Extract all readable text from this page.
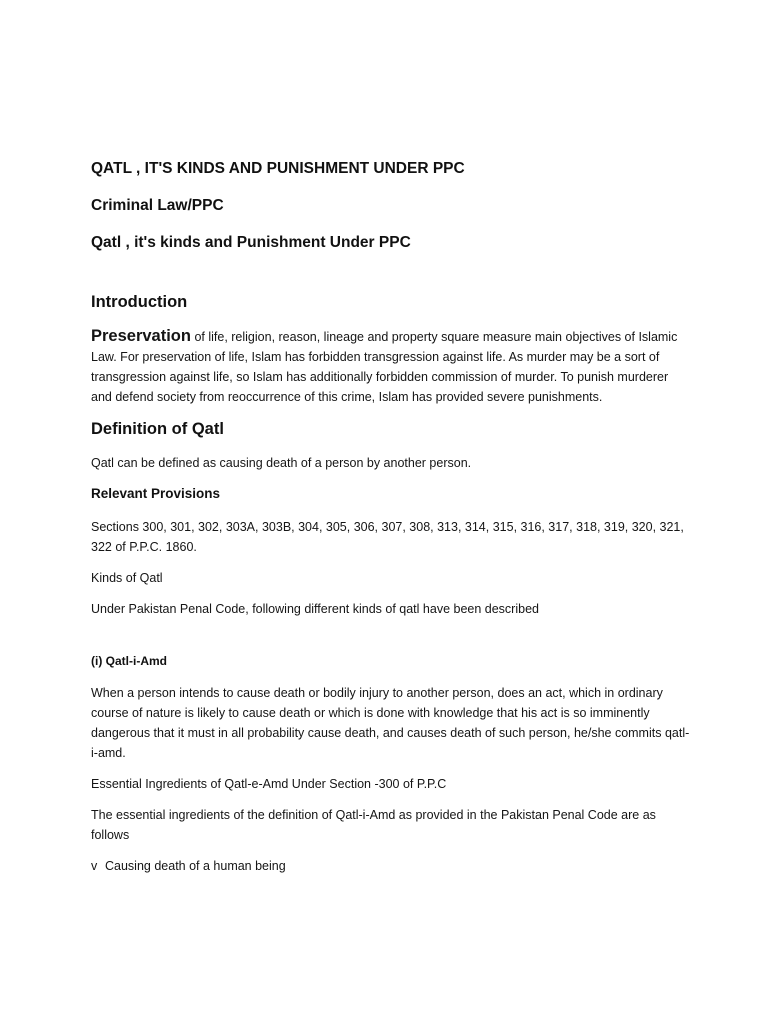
QATL , IT'S KINDS AND PUNISHMENT UNDER PPC
Criminal Law/PPC
Qatl , it's kinds and Punishment Under PPC
Introduction

Preservation of life, religion, reason, lineage and property square measure main objectives of Islamic Law. For preservation of life, Islam has forbidden transgression against life. As murder may be a sort of transgression against life, so Islam has additionally forbidden commission of murder. To punish murderer and defend society from reoccurrence of this crime, Islam has provided severe punishments.

Definition of Qatl

Qatl can be defined as causing death of a person by another person.

Relevant Provisions

Sections 300, 301, 302, 303A, 303B, 304, 305, 306, 307, 308, 313, 314, 315, 316, 317, 318, 319, 320, 321, 322 of P.P.C. 1860.

Kinds of Qatl

Under Pakistan Penal Code, following different kinds of qatl have been described

(i) Qatl-i-Amd

When a person intends to cause death or bodily injury to another person, does an act, which in ordinary course of nature is likely to cause death or which is done with knowledge that his act is so imminently dangerous that it must in all probability cause death, and causes death of such person, he/she commits qatl-i-amd.

Essential Ingredients of Qatl-e-Amd Under Section -300 of P.P.C

The essential ingredients of the definition of Qatl-i-Amd as provided in the Pakistan Penal Code are as follows

v Causing death of a human being
